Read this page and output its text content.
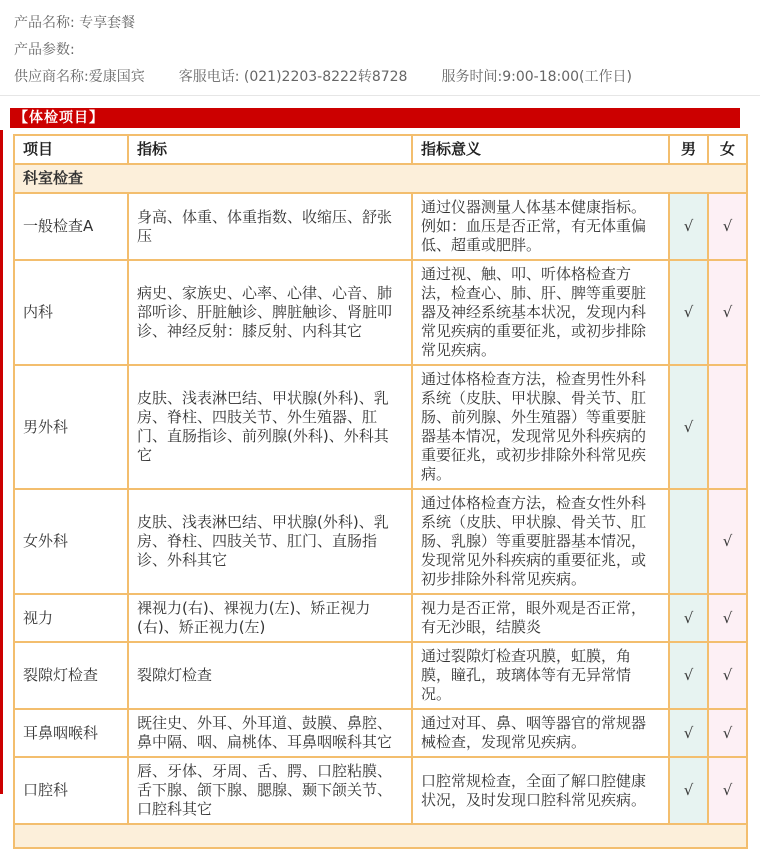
产品名称: 专享套餐
产品参数:
供应商名称:爱康国宾 客服电话: (021)2203-8222转8728 服务时间:9:00-18:00(工作日)
【体检项目】
项目	指标	指标意义	男	女
科室检查				
一般检查A	身高、体重、体重指数、收缩压、舒张压	通过仪器测量人体基本健康指标。例如：血压是否正常，有无体重偏低、超重或肥胖。	√	√
内科	病史、家族史、心率、心律、心音、肺部听诊、肝脏触诊、脾脏触诊、肾脏叩诊、神经反射：膝反射、内科其它	通过视、触、叩、听体格检查方法，检查心、肺、肝、脾等重要脏器及神经系统基本状况，发现内科常见疾病的重要征兆，或初步排除常见疾病。	√	√
男外科	皮肤、浅表淋巴结、甲状腺(外科)、乳房、脊柱、四肢关节、外生殖器、肛门、直肠指诊、前列腺(外科)、外科其它	通过体格检查方法，检查男性外科系统（皮肤、甲状腺、骨关节、肛肠、前列腺、外生殖器）等重要脏器基本情况，发现常见外科疾病的重要征兆，或初步排除外科常见疾病。	√	
女外科	皮肤、浅表淋巴结、甲状腺(外科)、乳房、脊柱、四肢关节、肛门、直肠指诊、外科其它	通过体格检查方法，检查女性外科系统（皮肤、甲状腺、骨关节、肛肠、乳腺）等重要脏器基本情况，发现常见外科疾病的重要征兆，或初步排除外科常见疾病。		√
视力	裸视力(右)、裸视力(左)、矫正视力(右)、矫正视力(左)	视力是否正常，眼外观是否正常，有无沙眼，结膜炎	√	√
裂隙灯检查	裂隙灯检查	通过裂隙灯检查巩膜，虹膜，角膜，瞳孔，玻璃体等有无异常情况。	√	√
耳鼻咽喉科	既往史、外耳、外耳道、鼓膜、鼻腔、鼻中隔、咽、扁桃体、耳鼻咽喉科其它	通过对耳、鼻、咽等器官的常规器械检查，发现常见疾病。	√	√
口腔科	唇、牙体、牙周、舌、腭、口腔粘膜、舌下腺、颌下腺、腮腺、颞下颌关节、口腔科其它	口腔常规检查，全面了解口腔健康状况，及时发现口腔科常见疾病。	√	√
